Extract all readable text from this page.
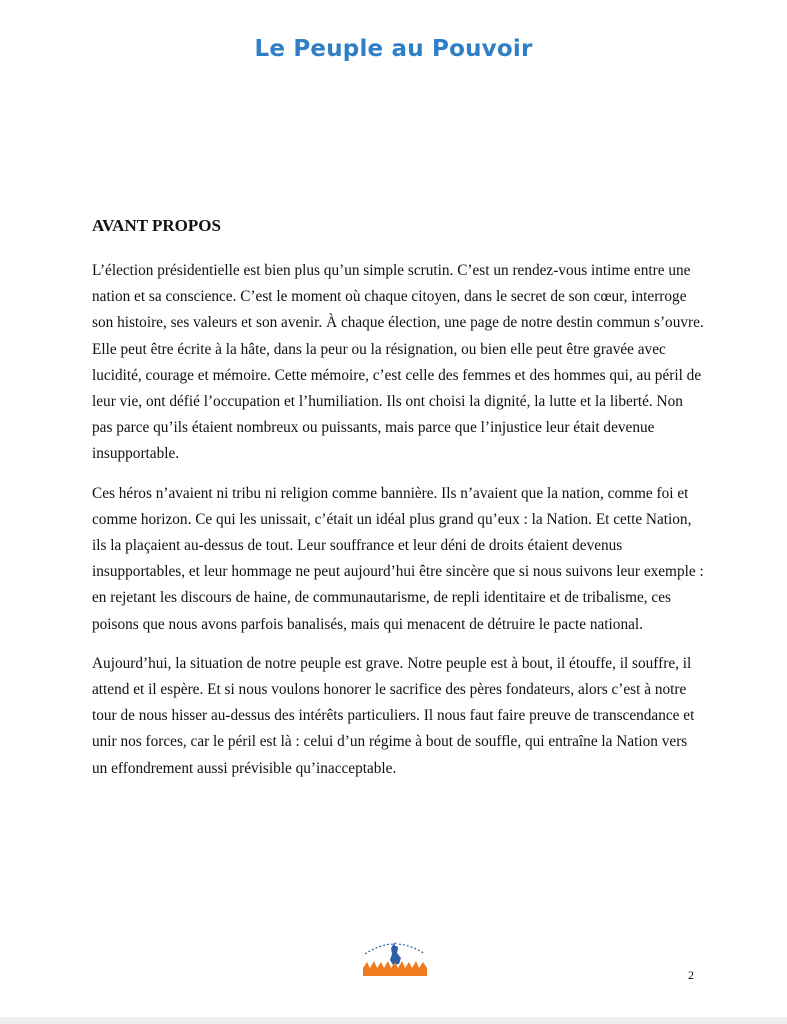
Le Peuple au Pouvoir
AVANT PROPOS

L’élection présidentielle est bien plus qu’un simple scrutin. C’est un rendez-vous intime entre une nation et sa conscience. C’est le moment où chaque citoyen, dans le secret de son cœur, interroge son histoire, ses valeurs et son avenir. À chaque élection, une page de notre destin commun s’ouvre. Elle peut être écrite à la hâte, dans la peur ou la résignation, ou bien elle peut être gravée avec lucidité, courage et mémoire. Cette mémoire, c’est celle des femmes et des hommes qui, au péril de leur vie, ont défié l’occupation et l’humiliation. Ils ont choisi la dignité, la lutte et la liberté. Non pas parce qu’ils étaient nombreux ou puissants, mais parce que l’injustice leur était devenue insupportable.

Ces héros n’avaient ni tribu ni religion comme bannière. Ils n’avaient que la nation, comme foi et comme horizon. Ce qui les unissait, c’était un idéal plus grand qu’eux : la Nation. Et cette Nation, ils la plaçaient au-dessus de tout. Leur souffrance et leur déni de droits étaient devenus insupportables, et leur hommage ne peut aujourd’hui être sincère que si nous suivons leur exemple : en rejetant les discours de haine, de communautarisme, de repli identitaire et de tribalisme, ces poisons que nous avons parfois banalisés, mais qui menacent de détruire le pacte national.

Aujourd’hui, la situation de notre peuple est grave. Notre peuple est à bout, il étouffe, il souffre, il attend et il espère. Et si nous voulons honorer le sacrifice des pères fondateurs, alors c’est à notre tour de nous hisser au-dessus des intérêts particuliers. Il nous faut faire preuve de transcendance et unir nos forces, car le péril est là : celui d’un régime à bout de souffle, qui entraîne la Nation vers un effondrement aussi prévisible qu’inacceptable.

2
